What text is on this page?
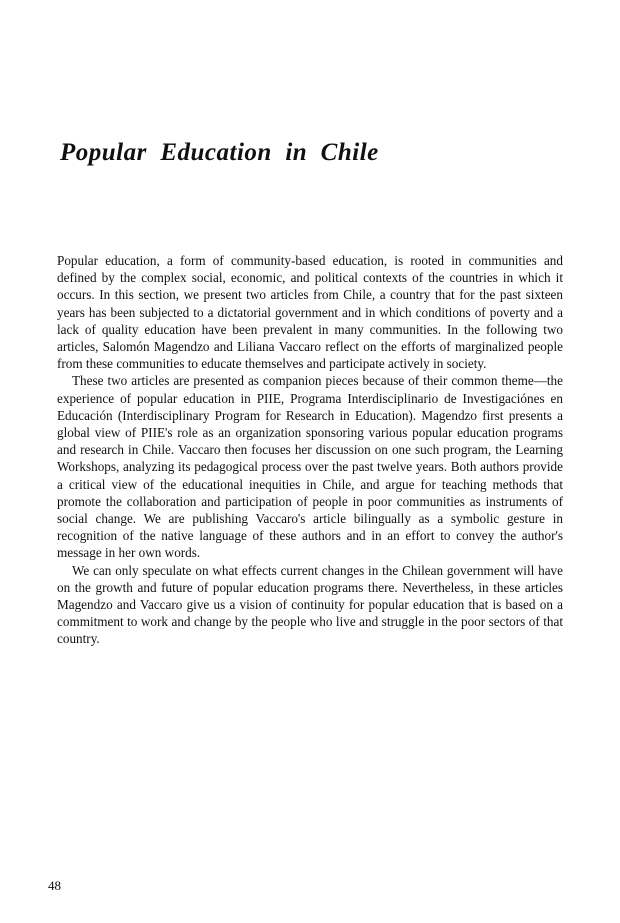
Popular  Education  in  Chile

Popular education, a form of community-based education, is rooted in communities and defined by the complex social, economic, and political contexts of the countries in which it occurs. In this section, we present two articles from Chile, a country that for the past sixteen years has been subjected to a dictatorial government and in which conditions of poverty and a lack of quality education have been prevalent in many communities. In the following two articles, Salomón Magendzo and Liliana Vaccaro reflect on the efforts of marginalized people from these communities to educate themselves and participate actively in society.

These two articles are presented as companion pieces because of their common theme—the experience of popular education in PIIE, Programa Interdisciplinario de Investigaciónes en Educación (Interdisciplinary Program for Research in Education). Magendzo first presents a global view of PIIE's role as an organization sponsoring various popular education programs and research in Chile. Vaccaro then focuses her discussion on one such program, the Learning Workshops, analyzing its pedagogical process over the past twelve years. Both authors provide a critical view of the educational inequities in Chile, and argue for teaching methods that promote the collaboration and participation of people in poor communities as instruments of social change. We are publishing Vaccaro's article bilingually as a symbolic gesture in recognition of the native language of these authors and in an effort to convey the author's message in her own words.

We can only speculate on what effects current changes in the Chilean government will have on the growth and future of popular education programs there. Nevertheless, in these articles Magendzo and Vaccaro give us a vision of continuity for popular education that is based on a commitment to work and change by the people who live and struggle in the poor sectors of that country.

48
